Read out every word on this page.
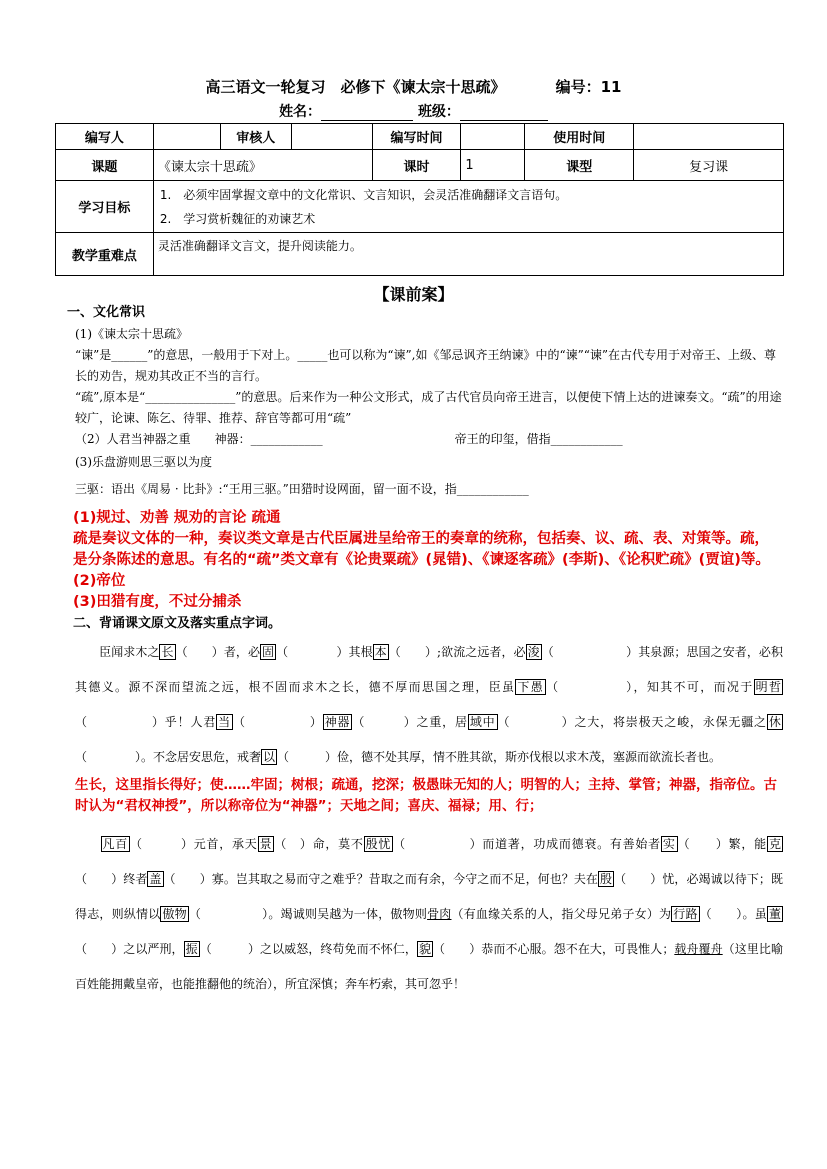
高三语文一轮复习　必修下《谏太宗十思疏》	编号：11
姓名：	班级：
编写人		审核人		编写时间		使用时间	
课题	《谏太宗十思疏》			课时	1	课型	复习课
学习目标	1.　必须牢固掌握文章中的文化常识、文言知识，会灵活准确翻译文言语句。
2.　学习赏析魏征的劝谏艺术						

教学重难点	灵活准确翻译文言文，提升阅读能力。						
【课前案】
一、文化常识
(1)《谏太宗十思疏》
“谏”是______”的意思，一般用于下对上。_____也可以称为“谏”,如《邹忌讽齐王纳谏》中的“谏”“谏”在古代专用于对帝王、上级、尊长的劝告，规劝其改正不当的言行。
“疏”,原本是“_______________”的意思。后来作为一种公文形式，成了古代官员向帝王进言，以便使下情上达的进谏奏文。“疏”的用途较广，论谏、陈乞、待罪、推荐、辞官等都可用“疏”
（2）人君当神器之重　　神器：____________　　　　　　　　　　　帝王的印玺，借指____________
(3)乐盘游则思三驱以为度
三驱：语出《周易 · 比卦》:“王用三驱。”田猎时设网面，留一面不设，指____________
(1)规过、劝善 规劝的言论 疏通
疏是奏议文体的一种，奏议类文章是古代臣属进呈给帝王的奏章的统称，包括奏、议、疏、表、对策等。疏，是分条陈述的意思。有名的“疏”类文章有《论贵粟疏》(晁错)、《谏逐客疏》(李斯)、《论积贮疏》(贾谊)等。
(2)帝位
(3)田猎有度，不过分捕杀
二、背诵课文原文及落实重点字词。
　　臣闻求木之 长 （　　）者，必 固 （　　　　）其根 本 （　　）;欲流之远者，必 浚 （　　　　　　）其泉源；思国之安者，必积其德义。源不深而望流之远，根不固而求木之长，德不厚而思国之理，臣虽 下愚 （　　　　　），知其不可，而况于 明哲（　　　　　）乎！人君 当 （　　　　　） 神器 （　　　）之重，居 域中 （　　　　）之大，将崇极天之峻，永保无疆之 休（　　　　）。不念居安思危，戒奢 以 （　　　）俭，德不处其厚，情不胜其欲，斯亦伐根以求木茂，塞源而欲流长者也。
生长，这里指长得好；使……牢固；树根；疏通，挖深；极愚昧无知的人；明智的人；主持、掌管；神器，指帝位。古时认为“君权神授”，所以称帝位为“神器”；天地之间；喜庆、福禄；用、行；
　　凡百 （　　　）元首，承天 景 （　）命，莫不 殷忧 （　　　　　）而道著，功成而德衰。有善始者 实 （　　）繁，能 克（　　）终者 盖 （　　）寡。岂其取之易而守之难乎？昔取之而有余，今守之而不足，何也？夫在 殷 （　　）忧，必竭诚以待下；既得志，则纵情以 傲物 （　　　　　）。竭诚则吴越为一体，傲物则骨肉（有血缘关系的人，指父母兄弟子女）为 行路 （　　）。虽 董（　　）之以严刑， 振 （　　　）之以威怒，终苟免而不怀仁， 貌 （　　）恭而不心服。怨不在大，可畏惟人；载舟覆舟（这里比喻百姓能拥戴皇帝，也能推翻他的统治），所宜深慎；奔车朽索，其可忽乎！
